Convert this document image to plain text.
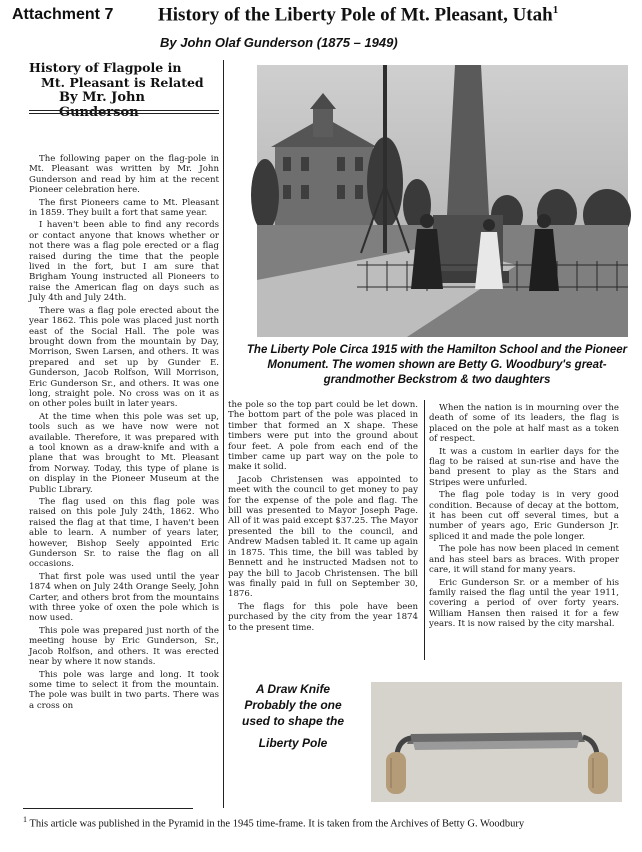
Attachment 7 History of the Liberty Pole of Mt. Pleasant, Utah$^1$
By John Olaf Gunderson (1875 – 1949)
History of Flagpole in
Mt. Pleasant is Related
By Mr. John

The following paper on the flag-pole in Mt. Pleasant was written by Mr. John Gunderson and read by him at the recent Pioneer celebration here.

The first Pioneers came to Mt. Pleasant in 1859. They built a fort that same year.

I haven't been able to find any records or contact anyone that knows whether or not there was a flag pole erected or a flag raised during the time that the people lived in the fort, but I am sure that Brigham Young instructed all Pioneers to raise the American flag on days such as July 4th and July 24th.

There was a flag pole erected about the year 1862. This pole was placed just north east of the Social Hall. The pole was brought down from the mountain by Day, Morrison, Swen Larsen, and others. It was prepared and set up by Gunder E. Gunderson, Jacob Rolfson, Will Morrison, Eric Gunderson Sr., and others. It was one long, straight pole. No cross was on it as on other poles built in later years.

At the time when this pole was set up, tools such as we have now were not available. Therefore, it was prepared with a tool known as a draw-knife and with a plane that was brought to Mt. Pleasant from Norway. Today, this type of plane is on display in the Pioneer Museum at the Public Library.

The flag used on this flag pole was raised on this pole July 24th, 1862. Who raised the flag at that time, I haven't been able to learn. A number of years later, however, Bishop Seely appointed Eric Gunderson Sr. to raise the flag on all occasions.

That first pole was used until the year 1874 when on July 24th Orange Seely, John Carter, and others brot from the mountains with three yoke of oxen the pole which is now used.

This pole was prepared just north of the meeting house by Eric Gunderson, Sr., Jacob Rolfson, and others. It was erected near by where it now stands.

This pole was large and long. It took some time to select it from the mountain. The pole was built in two parts. There was a cross on

The Liberty Pole Circa 1915 with the Hamilton School and the Pioneer Monument. The women shown are Betty G. Woodbury's great-grandmother Beckstrom & two daughters

the pole so the top part could be let down. The bottom part of the pole was placed in timber that formed an X shape. These timbers were put into the ground about four feet. A pole from each end of the timber came up part way on the pole to make it solid.

Jacob Christensen was appointed to meet with the council to get money to pay for the expense of the pole and flag. The bill was presented to Mayor Joseph Page. All of it was paid except $37.25. The Mayor presented the bill to the council, and Andrew Madsen tabled it. It came up again in 1875. This time, the bill was tabled by Bennett and he instructed Madsen not to pay the bill to Jacob Christensen. The bill was finally paid in full on September 30, 1876.

The flags for this pole have been purchased by the city from the year 1874 to the present time.

When the nation is in mourning over the death of some of its leaders, the flag is placed on the pole at half mast as a token of respect.

It was a custom in earlier days for the flag to be raised at sun-rise and have the band present to play as the Stars and Stripes were unfurled.

The flag pole today is in very good condition. Because of decay at the bottom, it has been cut off several times, but a number of years ago, Eric Gunderson Jr. spliced it and made the pole longer.

The pole has now been placed in cement and has steel bars as braces. With proper care, it will stand for many years.

Eric Gunderson Sr. or a member of his family raised the flag until the year 1911, covering a period of over forty years. William Hansen then raised it for a few years. It is now raised by the city marshal.

A Draw Knife
Probably the one
used to shape the
Liberty Pole
$^1$ This article was published in the Pyramid in the 1945 time-frame. It is taken from the Archives of Betty G. Woodbury
